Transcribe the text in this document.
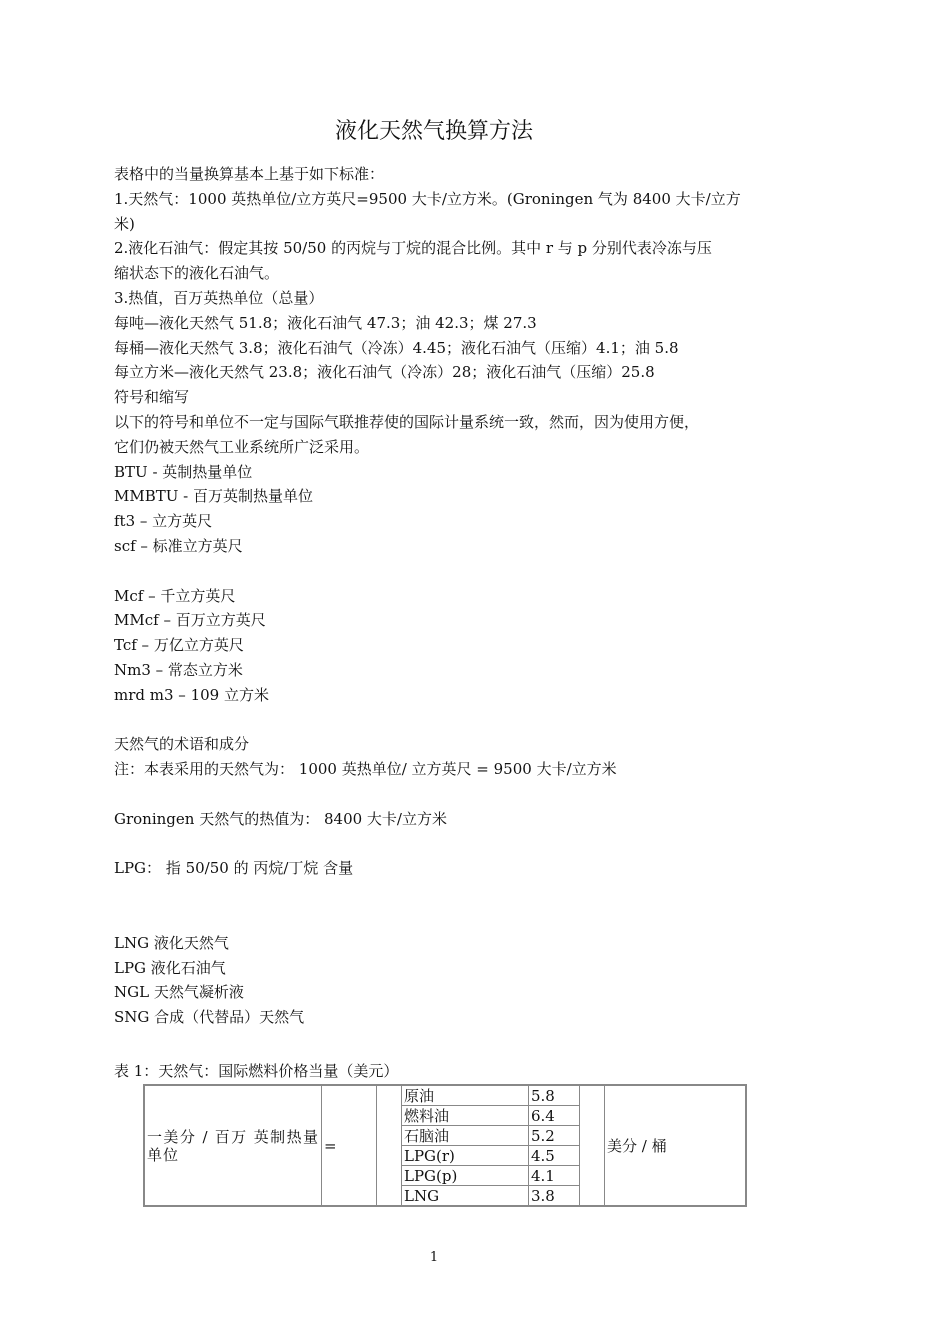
液化天然气换算方法
表格中的当量换算基本上基于如下标准：
1.天然气：1000 英热单位/立方英尺=9500 大卡/立方米。(Groningen 气为 8400 大卡/立方
米)
2.液化石油气：假定其按 50/50 的丙烷与丁烷的混合比例。其中 r 与 p 分别代表冷冻与压
缩状态下的液化石油气。
3.热值，百万英热单位（总量）
每吨—液化天然气 51.8；液化石油气 47.3；油 42.3；煤 27.3
每桶—液化天然气 3.8；液化石油气（冷冻）4.45；液化石油气（压缩）4.1；油 5.8
每立方米—液化天然气 23.8；液化石油气（冷冻）28；液化石油气（压缩）25.8
符号和缩写
以下的符号和单位不一定与国际气联推荐使的国际计量系统一致，然而，因为使用方便，
它们仍被天然气工业系统所广泛采用。
BTU - 英制热量单位
MMBTU - 百万英制热量单位
ft3 – 立方英尺
scf – 标准立方英尺
Mcf – 千立方英尺
MMcf – 百万立方英尺
Tcf – 万亿立方英尺
Nm3 – 常态立方米
mrd m3 – 109 立方米
天然气的术语和成分
注：本表采用的天然气为： 1000 英热单位/ 立方英尺 = 9500 大卡/立方米
Groningen 天然气的热值为： 8400 大卡/立方米
LPG： 指 50/50 的 丙烷/丁烷 含量
LNG 液化天然气
LPG 液化石油气
NGL 天然气凝析液
SNG 合成（代替品）天然气
表 1：天然气：国际燃料价格当量（美元）
一美分 / 百万 英制热量单位	=		原油	5.8		美分 / 桶
			燃料油	6.4		
			石脑油	5.2		
			LPG(r)	4.5		
			LPG(p)	4.1		
			LNG	3.8		
1
